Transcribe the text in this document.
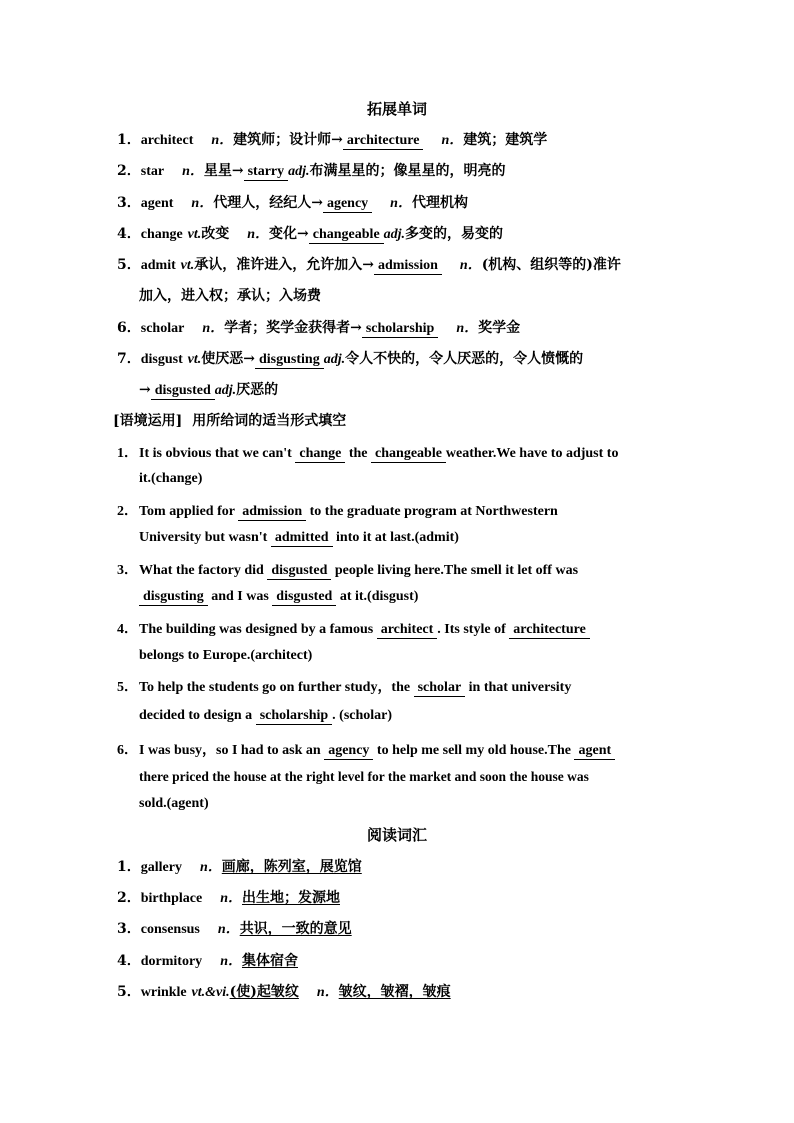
拓展单词
1．architect n．建筑师；设计师→ architecture n．建筑；建筑学
2．star n．星星→ starry adj.布满星星的；像星星的，明亮的
3．agent n．代理人，经纪人→ agency n．代理机构
4．change vt.改变 n．变化→ changeable adj.多变的，易变的
5．admit vt.承认，准许进入，允许加入→ admission n．(机构、组织等的)准许
加入，进入权；承认；入场费
6．scholar n．学者；奖学金获得者→ scholarship n．奖学金
7．disgust vt.使厌恶→ disgusting adj.令人不快的，令人厌恶的，令人愤慨的
→ disgusted adj.厌恶的
[语境运用] 用所给词的适当形式填空
1．It is obvious that we can't change the changeable weather.We have to adjust to
it.(change)
2．Tom applied for admission to the graduate program at Northwestern
University but wasn't admitted into it at last.(admit)
3．What the factory did disgusted people living here.The smell it let off was
disgusting and I was disgusted at it.(disgust)
4．The building was designed by a famous architect . Its style of architecture
belongs to Europe.(architect)
5．To help the students go on further study，the scholar in that university
decided to design a scholarship . (scholar)
6．I was busy，so I had to ask an agency to help me sell my old house.The agent
there priced the house at the right level for the market and soon the house was
sold.(agent)
阅读词汇
1．gallery n．画廊，陈列室，展览馆
2．birthplace n．出生地；发源地
3．consensus n．共识，一致的意见
4．dormitory n．集体宿舍
5．wrinkle vt.&vi.(使)起皱纹 n．皱纹，皱褶，皱痕
